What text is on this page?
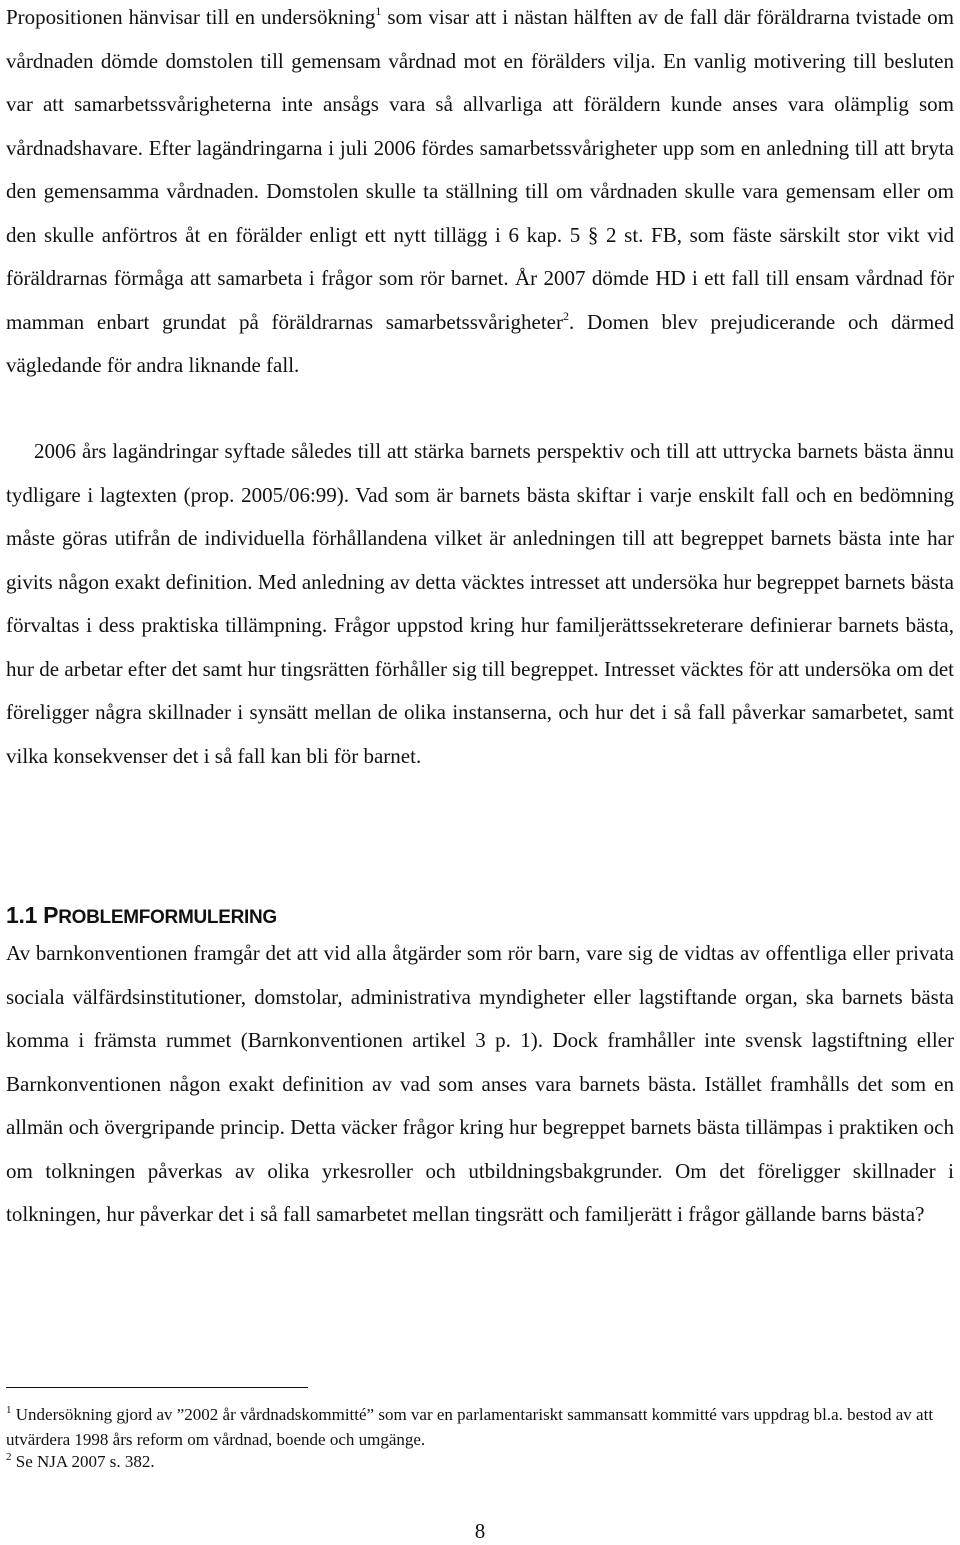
Propositionen hänvisar till en undersökning$^1$ som visar att i nästan hälften av de fall där föräldrarna tvistade om vårdnaden dömde domstolen till gemensam vårdnad mot en förälders vilja. En vanlig motivering till besluten var att samarbetssvårigheterna inte ansågs vara så allvarliga att föräldern kunde anses vara olämplig som vårdnadshavare. Efter lagändringarna i juli 2006 fördes samarbetssvårigheter upp som en anledning till att bryta den gemensamma vårdnaden. Domstolen skulle ta ställning till om vårdnaden skulle vara gemensam eller om den skulle anförtros åt en förälder enligt ett nytt tillägg i 6 kap. 5 § 2 st. FB, som fäste särskilt stor vikt vid föräldrarnas förmåga att samarbeta i frågor som rör barnet. År 2007 dömde HD i ett fall till ensam vårdnad för mamman enbart grundat på föräldrarnas samarbetssvårigheter$^2$. Domen blev prejudicerande och därmed vägledande för andra liknande fall.

2006 års lagändringar syftade således till att stärka barnets perspektiv och till att uttrycka barnets bästa ännu tydligare i lagtexten (prop. 2005/06:99). Vad som är barnets bästa skiftar i varje enskilt fall och en bedömning måste göras utifrån de individuella förhållandena vilket är anledningen till att begreppet barnets bästa inte har givits någon exakt definition. Med anledning av detta väcktes intresset att undersöka hur begreppet barnets bästa förvaltas i dess praktiska tillämpning. Frågor uppstod kring hur familjerättssekreterare definierar barnets bästa, hur de arbetar efter det samt hur tingsrätten förhåller sig till begreppet. Intresset väcktes för att undersöka om det föreligger några skillnader i synsätt mellan de olika instanserna, och hur det i så fall påverkar samarbetet, samt vilka konsekvenser det i så fall kan bli för barnet.

1.1 PROBLEMFORMULERING

Av barnkonventionen framgår det att vid alla åtgärder som rör barn, vare sig de vidtas av offentliga eller privata sociala välfärdsinstitutioner, domstolar, administrativa myndigheter eller lagstiftande organ, ska barnets bästa komma i främsta rummet (Barnkonventionen artikel 3 p. 1). Dock framhåller inte svensk lagstiftning eller Barnkonventionen någon exakt definition av vad som anses vara barnets bästa. Istället framhålls det som en allmän och övergripande princip. Detta väcker frågor kring hur begreppet barnets bästa tillämpas i praktiken och om tolkningen påverkas av olika yrkesroller och utbildningsbakgrunder. Om det föreligger skillnader i tolkningen, hur påverkar det i så fall samarbetet mellan tingsrätt och familjerätt i frågor gällande barns bästa?

$^1$ Undersökning gjord av ”2002 år vårdnadskommitté” som var en parlamentariskt sammansatt kommitté vars uppdrag bl.a. bestod av att utvärdera 1998 års reform om vårdnad, boende och umgänge.

$^2$ Se NJA 2007 s. 382.

8
